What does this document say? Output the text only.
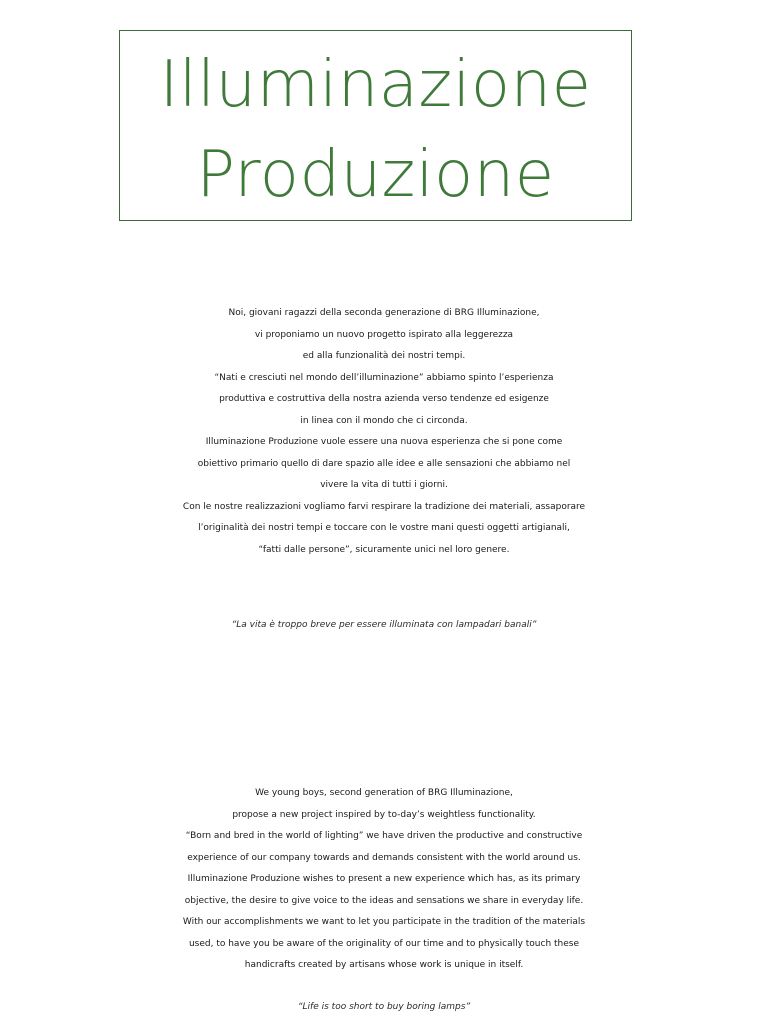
Illuminazione
Produzione

Noi, giovani ragazzi della seconda generazione di BRG Illuminazione,

vi proponiamo un nuovo progetto ispirato alla leggerezza

ed alla funzionalità dei nostri tempi.

“Nati e cresciuti nel mondo dell’illuminazione” abbiamo spinto l’esperienza

produttiva e costruttiva della nostra azienda verso tendenze ed esigenze

in linea con il mondo che ci circonda.

Illuminazione Produzione vuole essere una nuova esperienza che si pone come

obiettivo primario quello di dare spazio alle idee e alle sensazioni che abbiamo nel

vivere la vita di tutti i giorni.

Con le nostre realizzazioni vogliamo farvi respirare la tradizione dei materiali, assaporare

l’originalità dei nostri tempi e toccare con le vostre mani questi oggetti artigianali,

“fatti dalle persone”, sicuramente unici nel loro genere.

“La vita è troppo breve per essere illuminata con lampadari banali”

We young boys, second generation of BRG Illuminazione,

propose a new project inspired by to-day’s weightless functionality.

“Born and bred in the world of lighting” we have driven the productive and constructive

experience of our company towards and demands consistent with the world around us.

Illuminazione Produzione wishes to present a new experience which has, as its primary

objective, the desire to give voice to the ideas and sensations we share in everyday life.

With our accomplishments we want to let you participate in the tradition of the materials

used, to have you be aware of the originality of our time and to physically touch these

handicrafts created by artisans whose work is unique in itself.

“Life is too short to buy boring lamps”
